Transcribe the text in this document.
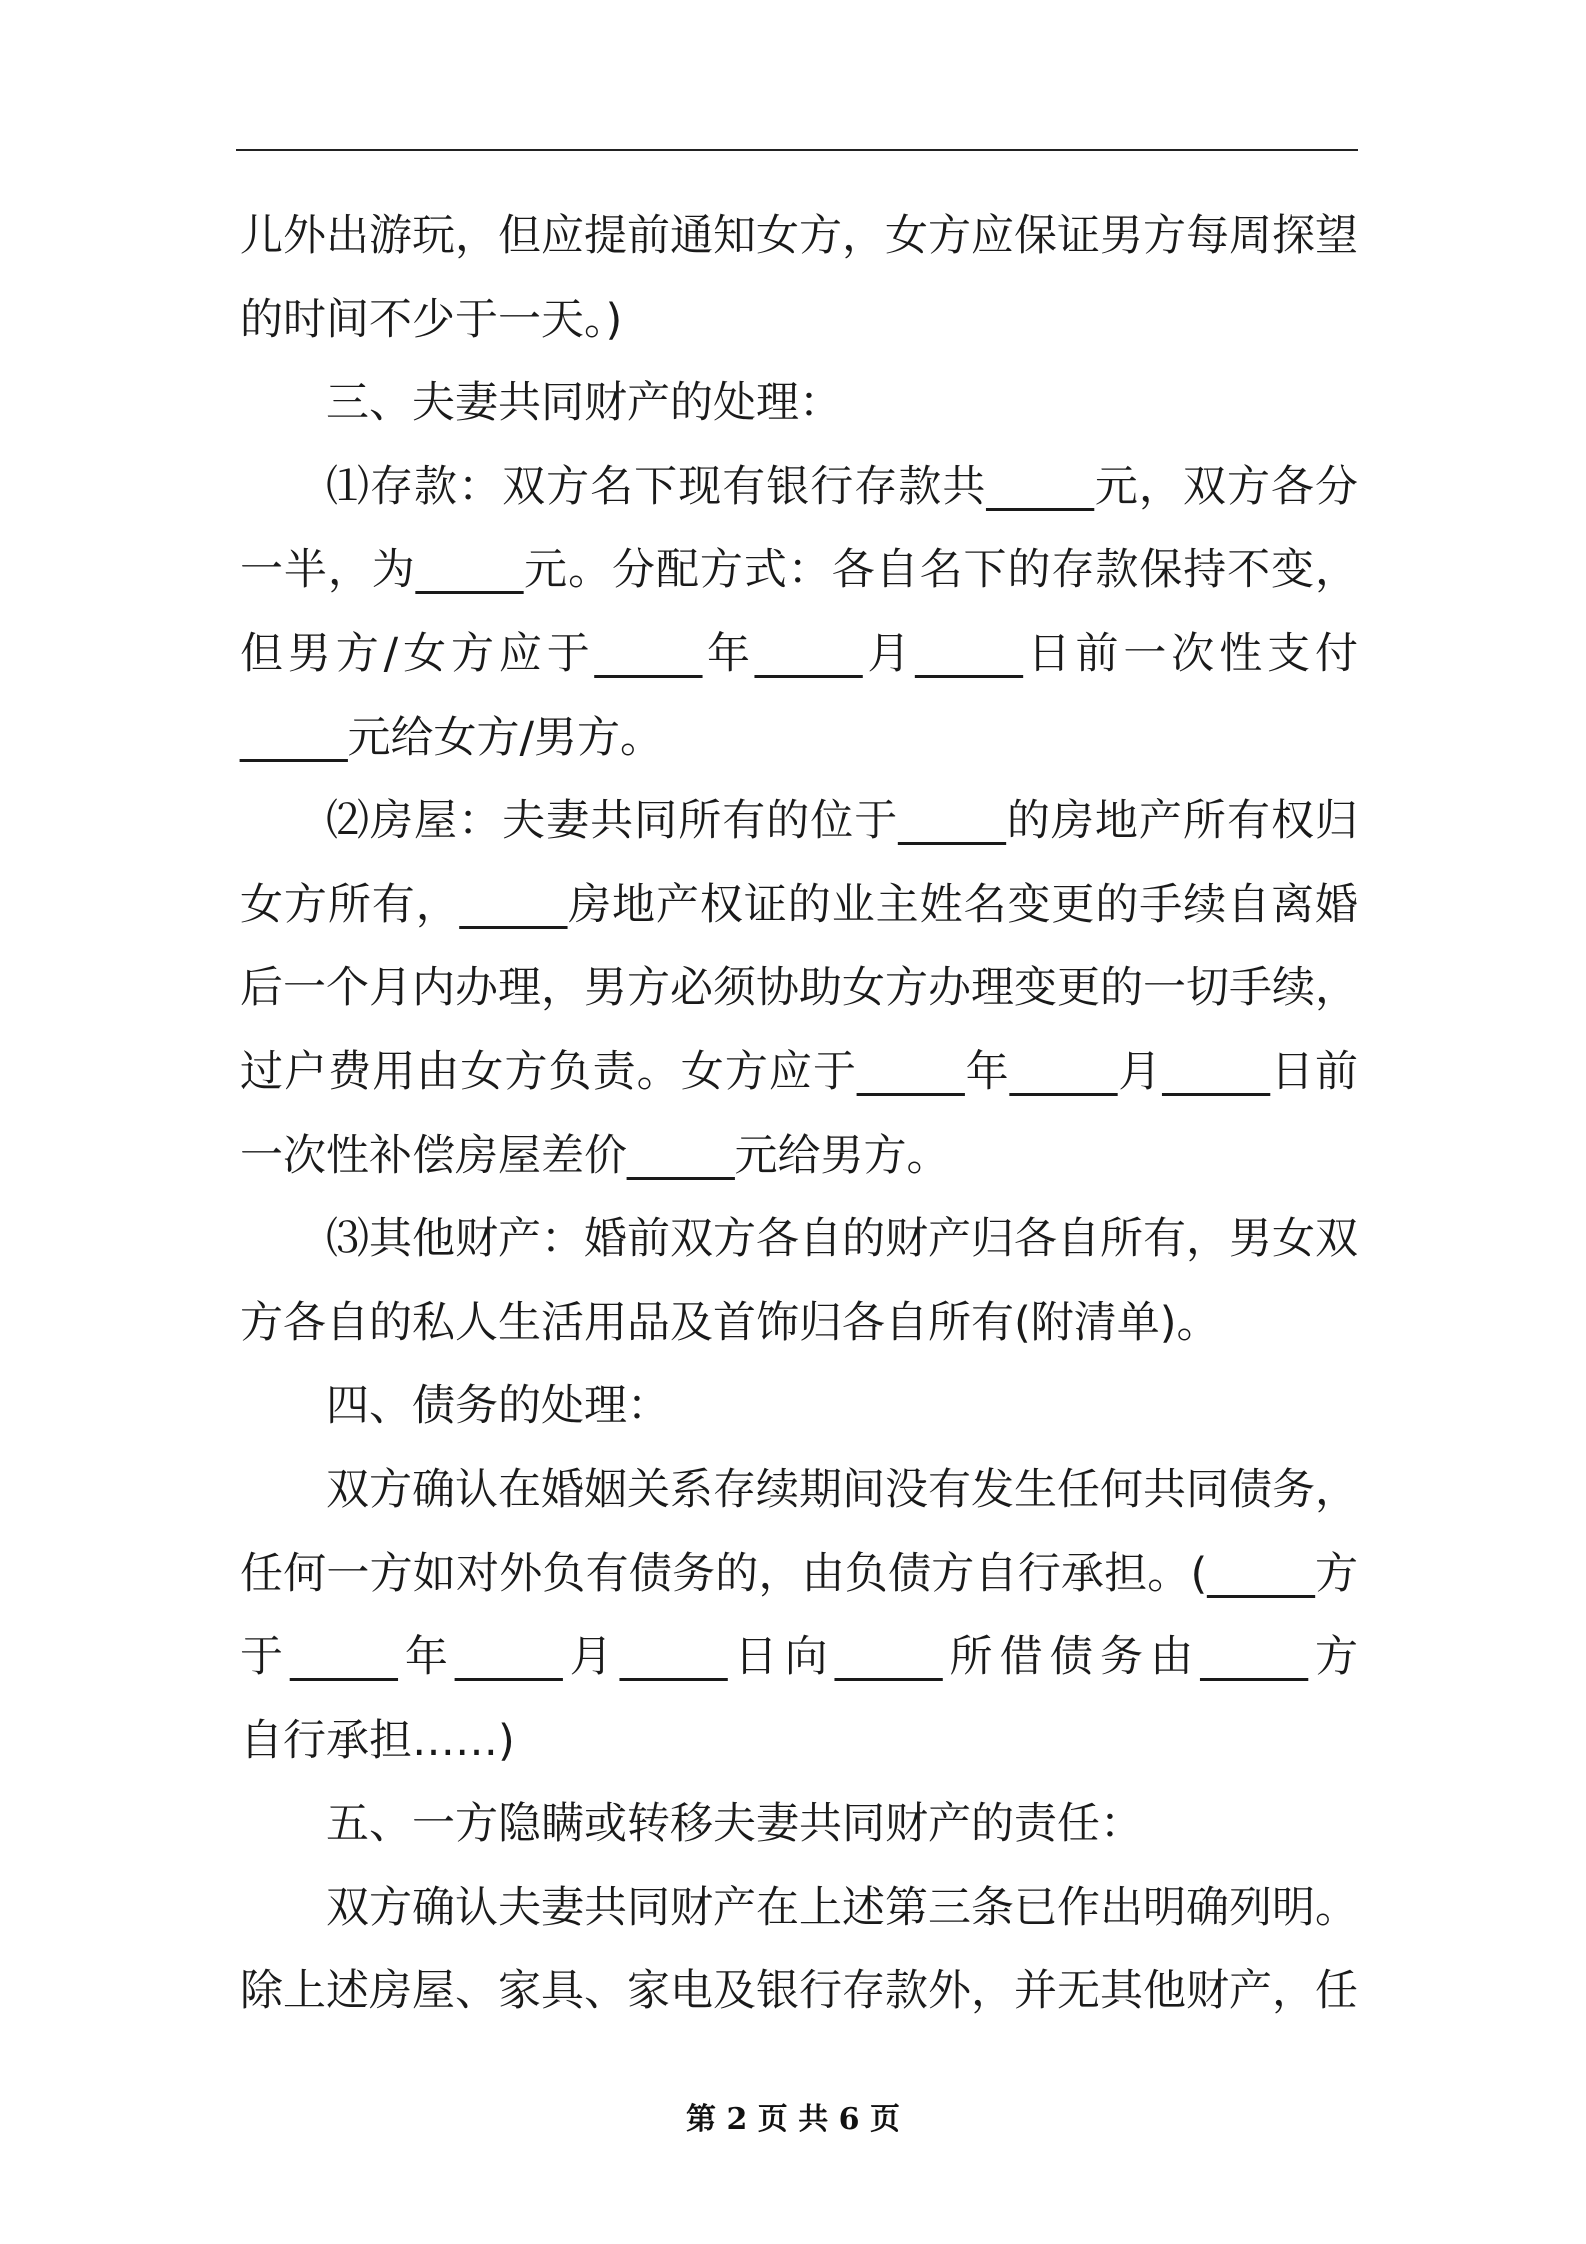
儿外出游玩，但应提前通知女方，女方应保证男方每周探望
的时间不少于一天。)
三、夫妻共同财产的处理：
⑴存款：双方名下现有银行存款共_____元，双方各分
一半，为_____元。分配方式：各自名下的存款保持不变，
但男方/女方应于_____年_____月_____日前一次性支付
_____元给女方/男方。
⑵房屋：夫妻共同所有的位于_____的房地产所有权归
女方所有，_____房地产权证的业主姓名变更的手续自离婚
后一个月内办理，男方必须协助女方办理变更的一切手续，
过户费用由女方负责。女方应于_____年_____月_____日前
一次性补偿房屋差价_____元给男方。
⑶其他财产：婚前双方各自的财产归各自所有，男女双
方各自的私人生活用品及首饰归各自所有(附清单)。
四、债务的处理：
双方确认在婚姻关系存续期间没有发生任何共同债务，
任何一方如对外负有债务的，由负债方自行承担。(_____方
于_____年_____月_____日向_____所借债务由_____方
自行承担……)
五、一方隐瞒或转移夫妻共同财产的责任：
双方确认夫妻共同财产在上述第三条已作出明确列明。
除上述房屋、家具、家电及银行存款外，并无其他财产，任
第 2 页 共 6 页
